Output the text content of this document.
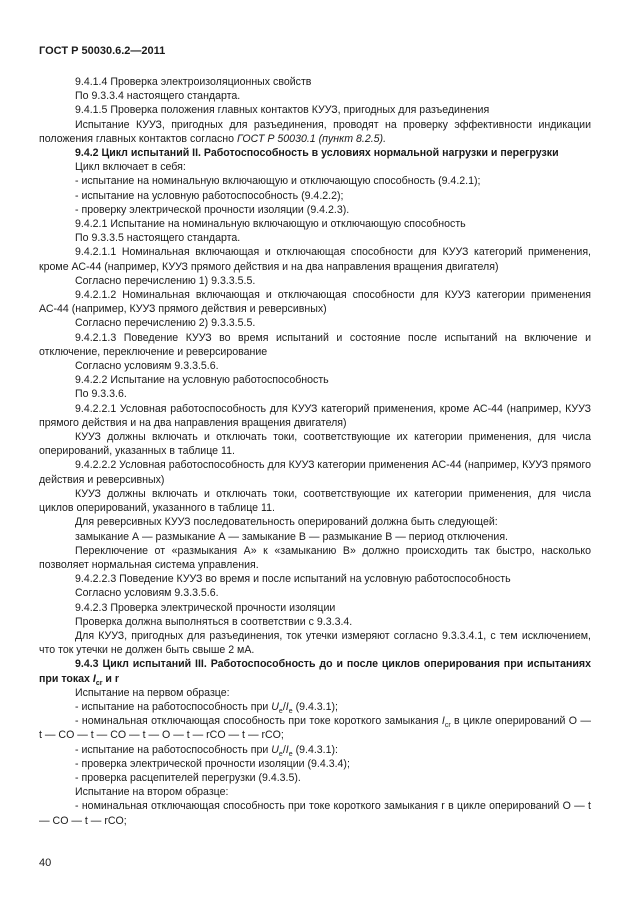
ГОСТ Р 50030.6.2—2011

9.4.1.4 Проверка электроизоляционных свойств

По 9.3.3.4 настоящего стандарта.

9.4.1.5 Проверка положения главных контактов КУУЗ, пригодных для разъединения

Испытание КУУЗ, пригодных для разъединения, проводят на проверку эффективности индикации положения главных контактов согласно ГОСТ Р 50030.1 (пункт 8.2.5).

9.4.2 Цикл испытаний II. Работоспособность в условиях нормальной нагрузки и перегрузки

Цикл включает в себя:

- испытание на номинальную включающую и отключающую способность (9.4.2.1);

- испытание на условную работоспособность (9.4.2.2);

- проверку электрической прочности изоляции (9.4.2.3).

9.4.2.1 Испытание на номинальную включающую и отключающую способность

По 9.3.3.5 настоящего стандарта.

9.4.2.1.1 Номинальная включающая и отключающая способности для КУУЗ категорий применения, кроме АС-44 (например, КУУЗ прямого действия и на два направления вращения двигателя)

Согласно перечислению 1) 9.3.3.5.5.

9.4.2.1.2 Номинальная включающая и отключающая способности для КУУЗ категории применения АС-44 (например, КУУЗ прямого действия и реверсивных)

Согласно перечислению 2) 9.3.3.5.5.

9.4.2.1.3 Поведение КУУЗ во время испытаний и состояние после испытаний на включение и отключение, переключение и реверсирование

Согласно условиям 9.3.3.5.6.

9.4.2.2 Испытание на условную работоспособность

По 9.3.3.6.

9.4.2.2.1 Условная работоспособность для КУУЗ категорий применения, кроме АС-44 (например, КУУЗ прямого действия и на два направления вращения двигателя)

КУУЗ должны включать и отключать токи, соответствующие их категории применения, для числа оперирований, указанных в таблице 11.

9.4.2.2.2 Условная работоспособность для КУУЗ категории применения АС-44 (например, КУУЗ прямого действия и реверсивных)

КУУЗ должны включать и отключать токи, соответствующие их категории применения, для числа циклов оперирований, указанного в таблице 11.

Для реверсивных КУУЗ последовательность оперирований должна быть следующей:

замыкание А — размыкание А — замыкание В — размыкание В — период отключения.

Переключение от «размыкания А» к «замыканию В» должно происходить так быстро, насколько позволяет нормальная система управления.

9.4.2.2.3 Поведение КУУЗ во время и после испытаний на условную работоспособность

Согласно условиям 9.3.3.5.6.

9.4.2.3 Проверка электрической прочности изоляции

Проверка должна выполняться в соответствии с 9.3.3.4.

Для КУУЗ, пригодных для разъединения, ток утечки измеряют согласно 9.3.3.4.1, с тем исключением, что ток утечки не должен быть свыше 2 мА.

9.4.3 Цикл испытаний III. Работоспособность до и после циклов оперирования при испытаниях при токах $I_{cr}$ и r

Испытание на первом образце:

- испытание на работоспособность при $U_e/I_e$ (9.4.3.1);

- номинальная отключающая способность при токе короткого замыкания $I_{cr}$ в цикле оперирований О — t — CO — t — CO — t — O — t — rCO — t — rCO;

- испытание на работоспособность при $U_e/I_e$ (9.4.3.1):

- проверка электрической прочности изоляции (9.4.3.4);

- проверка расцепителей перегрузки (9.4.3.5).

Испытание на втором образце:

- номинальная отключающая способность при токе короткого замыкания r в цикле оперирований О — t — CO — t — rCO;

40
